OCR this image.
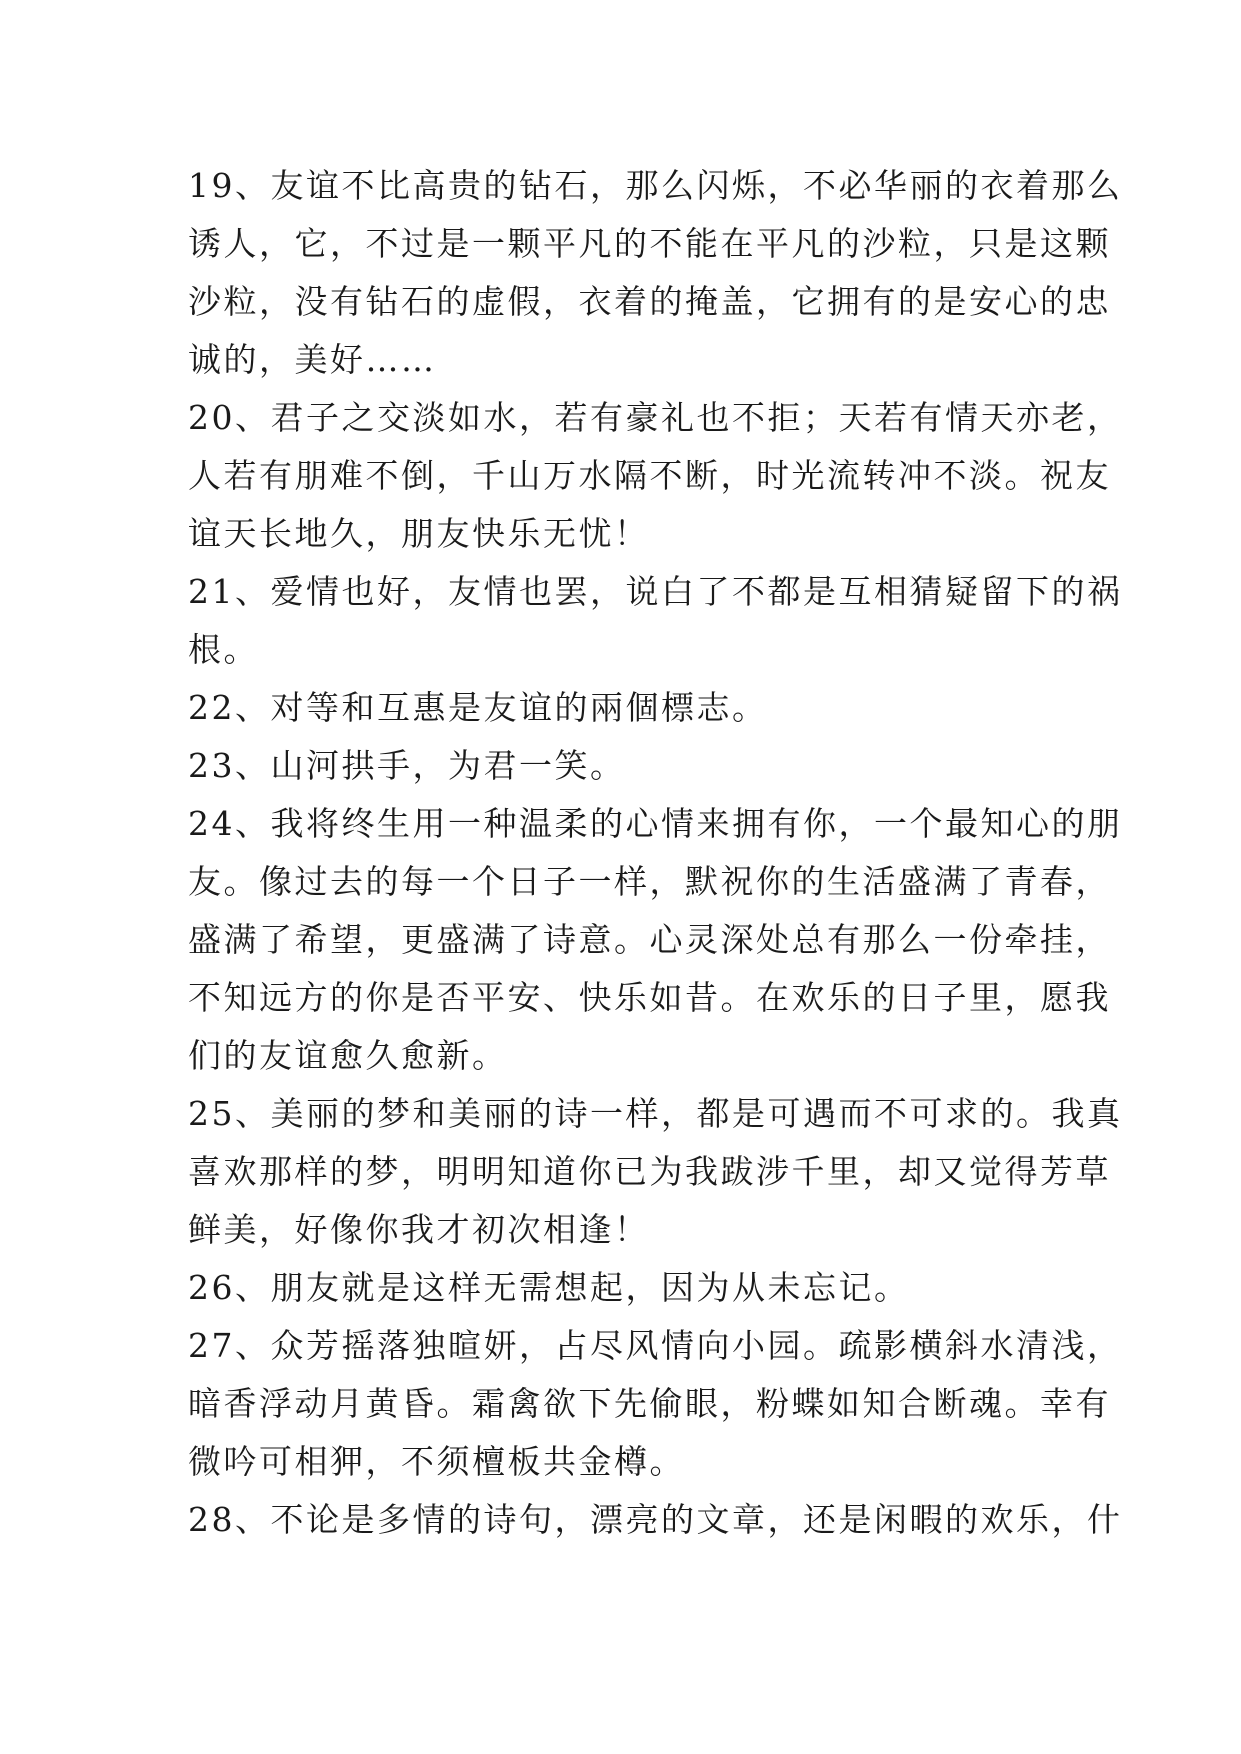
19、友谊不比高贵的钻石，那么闪烁，不必华丽的衣着那么
诱人，它，不过是一颗平凡的不能在平凡的沙粒，只是这颗
沙粒，没有钻石的虚假，衣着的掩盖，它拥有的是安心的忠
诚的，美好……
20、君子之交淡如水，若有豪礼也不拒；天若有情天亦老，
人若有朋难不倒，千山万水隔不断，时光流转冲不淡。祝友
谊天长地久，朋友快乐无忧！
21、爱情也好，友情也罢，说白了不都是互相猜疑留下的祸
根。
22、对等和互惠是友谊的兩個標志。
23、山河拱手，为君一笑。
24、我将终生用一种温柔的心情来拥有你，一个最知心的朋
友。像过去的每一个日子一样，默祝你的生活盛满了青春，
盛满了希望，更盛满了诗意。心灵深处总有那么一份牵挂，
不知远方的你是否平安、快乐如昔。在欢乐的日子里，愿我
们的友谊愈久愈新。
25、美丽的梦和美丽的诗一样，都是可遇而不可求的。我真
喜欢那样的梦，明明知道你已为我跋涉千里，却又觉得芳草
鲜美，好像你我才初次相逢！
26、朋友就是这样无需想起，因为从未忘记。
27、众芳摇落独暄妍，占尽风情向小园。疏影横斜水清浅，
暗香浮动月黄昏。霜禽欲下先偷眼，粉蝶如知合断魂。幸有
微吟可相狎，不须檀板共金樽。
28、不论是多情的诗句，漂亮的文章，还是闲暇的欢乐，什
